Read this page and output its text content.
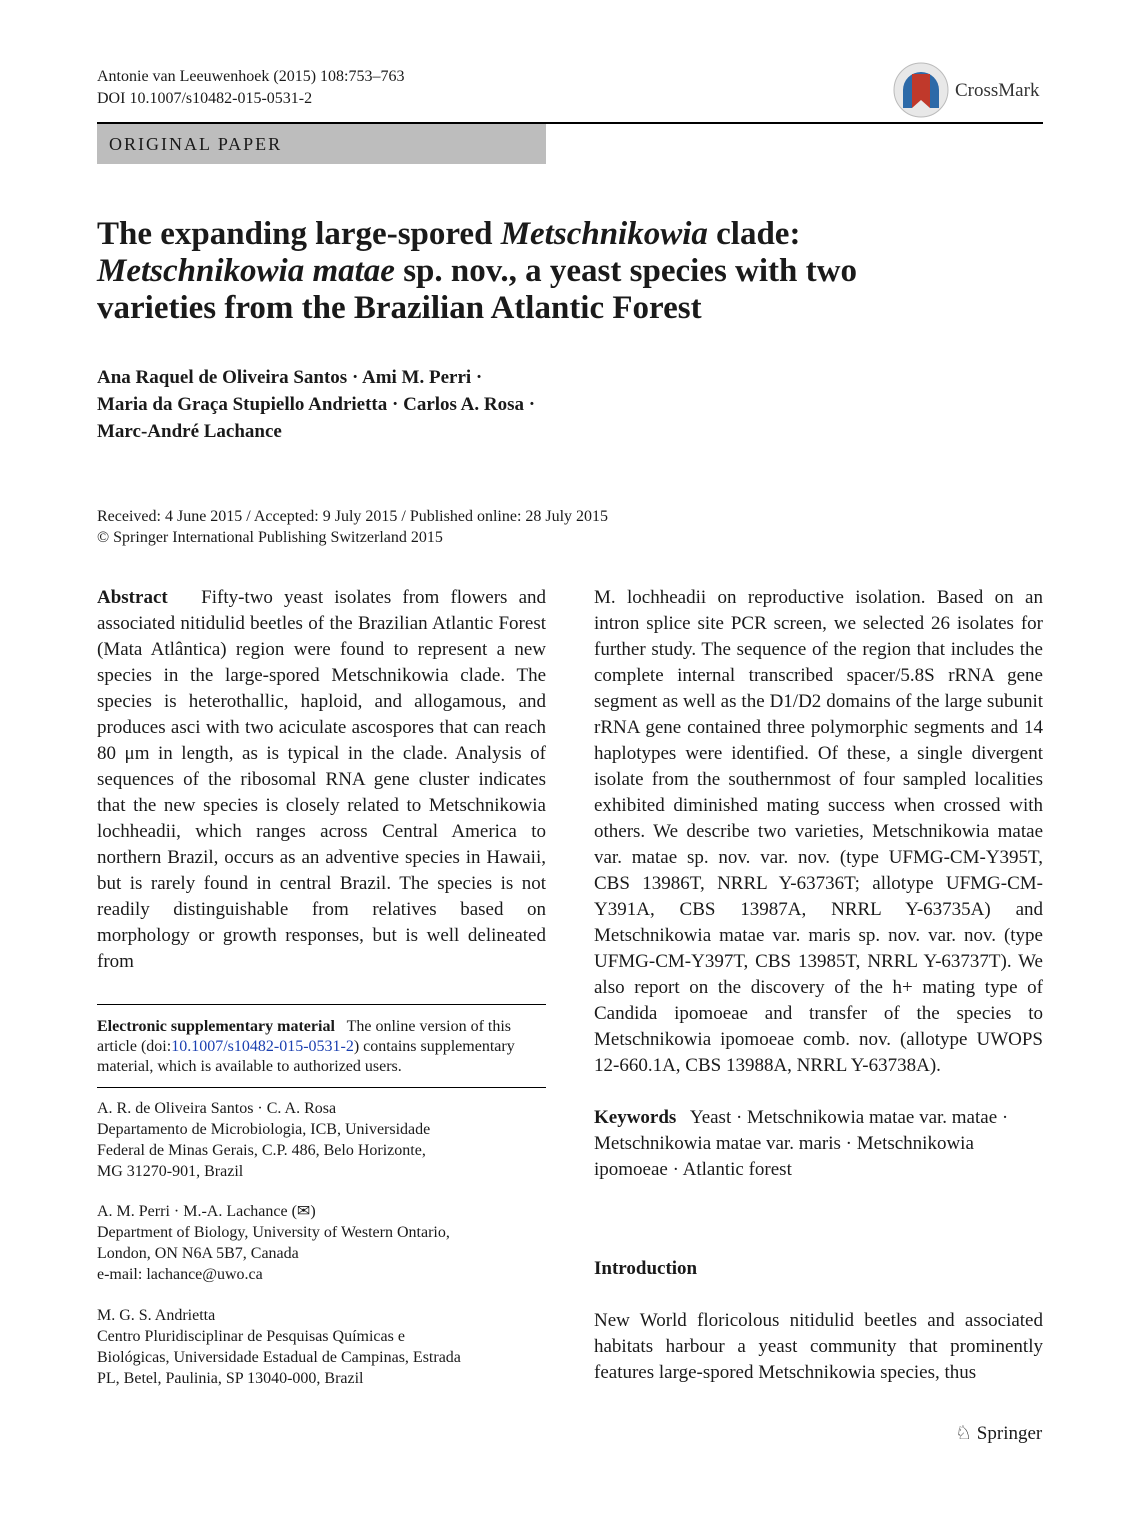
Antonie van Leeuwenhoek (2015) 108:753–763
DOI 10.1007/s10482-015-0531-2	CrossMark
ORIGINAL PAPER
The expanding large-spored Metschnikowia clade:
Metschnikowia matae sp. nov., a yeast species with two
varieties from the Brazilian Atlantic Forest
Ana Raquel de Oliveira Santos · Ami M. Perri ·
Maria da Graça Stupiello Andrietta · Carlos A. Rosa ·
Marc-André Lachance
Received: 4 June 2015 / Accepted: 9 July 2015 / Published online: 28 July 2015
© Springer International Publishing Switzerland 2015
Abstract Fifty-two yeast isolates from flowers and associated nitidulid beetles of the Brazilian Atlantic Forest (Mata Atlântica) region were found to represent a new species in the large-spored Metschnikowia clade. The species is heterothallic, haploid, and allogamous, and produces asci with two aciculate ascospores that can reach 80 μm in length, as is typical in the clade. Analysis of sequences of the ribosomal RNA gene cluster indicates that the new species is closely related to Metschnikowia lochheadii, which ranges across Central America to northern Brazil, occurs as an adventive species in Hawaii, but is rarely found in central Brazil. The species is not readily distinguishable from relatives based on morphology or growth responses, but is well delineated from
Electronic supplementary material The online version of this article (doi:10.1007/s10482-015-0531-2) contains supplementary material, which is available to authorized users.
A. R. de Oliveira Santos · C. A. Rosa
Departamento de Microbiologia, ICB, Universidade
Federal de Minas Gerais, C.P. 486, Belo Horizonte,
MG 31270-901, Brazil
A. M. Perri · M.-A. Lachance (✉)
Department of Biology, University of Western Ontario,
London, ON N6A 5B7, Canada
e-mail: lachance@uwo.ca
M. G. S. Andrietta
Centro Pluridisciplinar de Pesquisas Químicas e
Biológicas, Universidade Estadual de Campinas, Estrada
PL, Betel, Paulinia, SP 13040-000, Brazil
M. lochheadii on reproductive isolation. Based on an intron splice site PCR screen, we selected 26 isolates for further study. The sequence of the region that includes the complete internal transcribed spacer/5.8S rRNA gene segment as well as the D1/D2 domains of the large subunit rRNA gene contained three polymorphic segments and 14 haplotypes were identified. Of these, a single divergent isolate from the southernmost of four sampled localities exhibited diminished mating success when crossed with others. We describe two varieties, Metschnikowia matae var. matae sp. nov. var. nov. (type UFMG-CM-Y395T, CBS 13986T, NRRL Y-63736T; allotype UFMG-CM-Y391A, CBS 13987A, NRRL Y-63735A) and Metschnikowia matae var. maris sp. nov. var. nov. (type UFMG-CM-Y397T, CBS 13985T, NRRL Y-63737T). We also report on the discovery of the h+ mating type of Candida ipomoeae and transfer of the species to Metschnikowia ipomoeae comb. nov. (allotype UWOPS 12-660.1A, CBS 13988A, NRRL Y-63738A).
Keywords Yeast · Metschnikowia matae var. matae · Metschnikowia matae var. maris · Metschnikowia ipomoeae · Atlantic forest
Introduction
New World floricolous nitidulid beetles and associated habitats harbour a yeast community that prominently features large-spored Metschnikowia species, thus
♘ Springer
